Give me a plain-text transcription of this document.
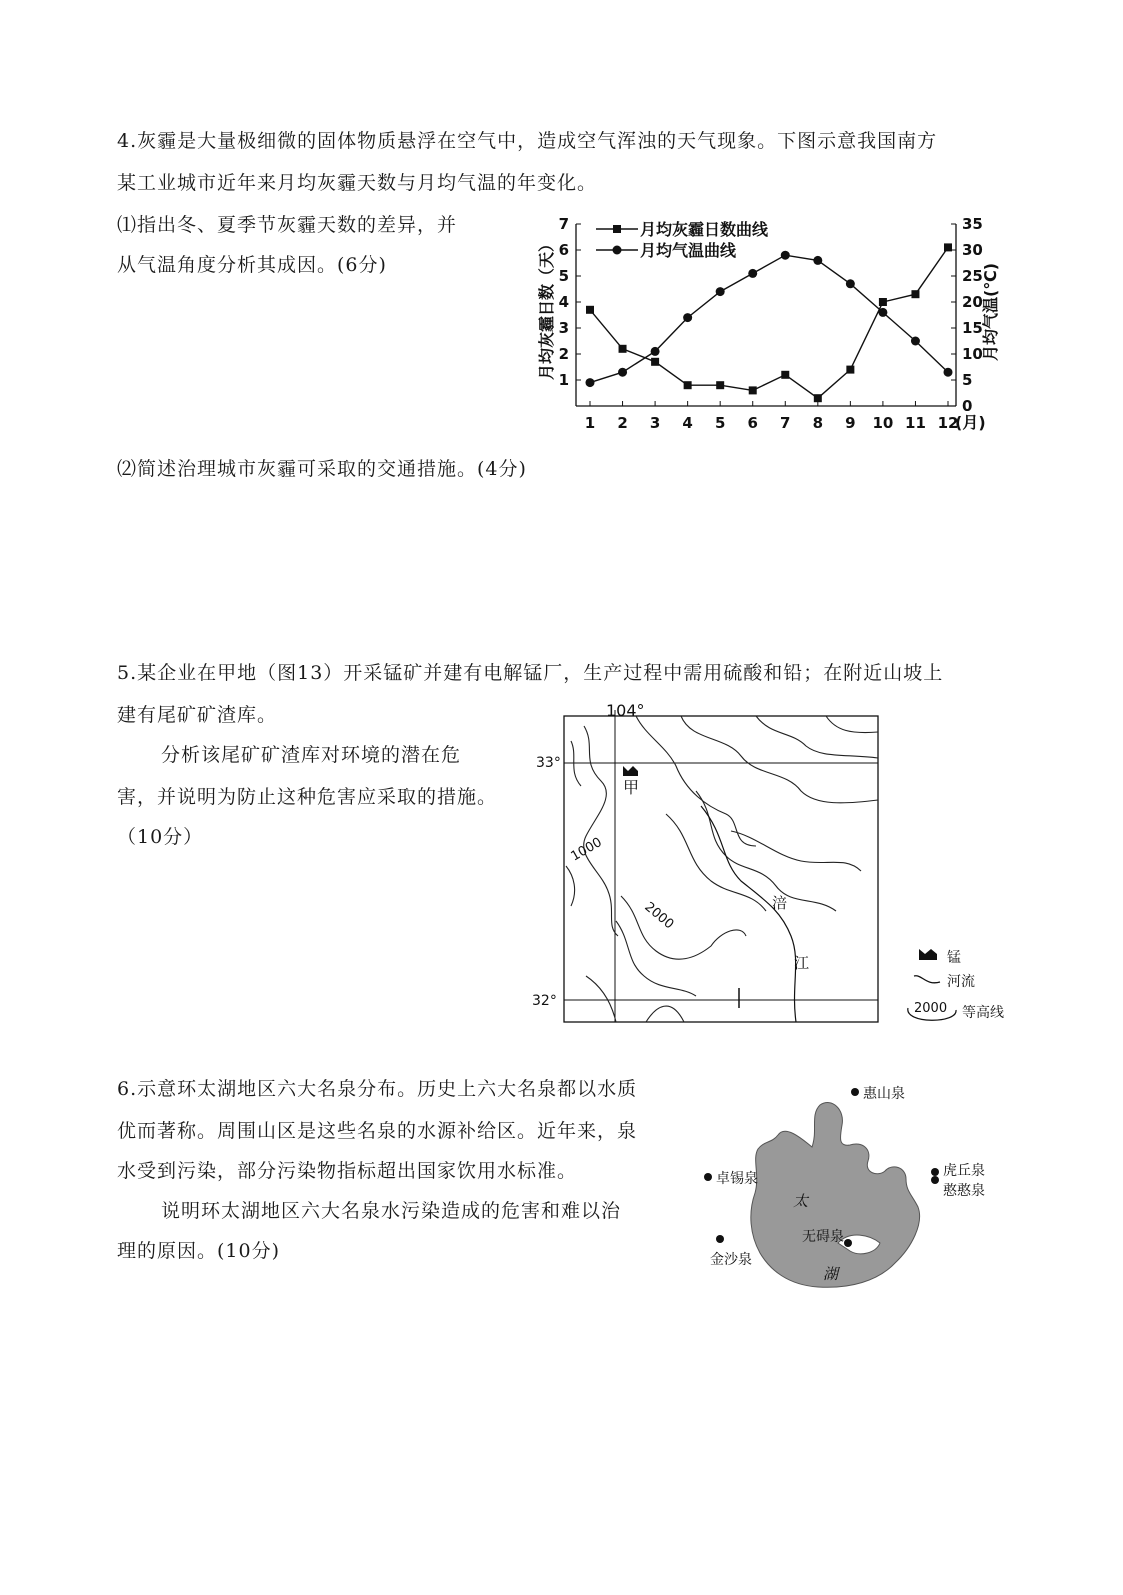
4.灰霾是大量极细微的固体物质悬浮在空气中，造成空气浑浊的天气现象。下图示意我国南方
某工业城市近年来月均灰霾天数与月均气温的年变化。
⑴指出冬、夏季节灰霾天数的差异，并
从气温角度分析其成因。(6分)
1
2
3
4
5
6
7
0
5
10
15
20
25
30
35
1 2 3 4 5 6 7 8 9 10 11 12
月均灰霾日数曲线
月均气温曲线
月均灰霾日数（天）	月均气温(℃)
(月)
⑵简述治理城市灰霾可采取的交通措施。(4分)
5.某企业在甲地（图13）开采锰矿并建有电解锰厂，生产过程中需用硫酸和铅；在附近山坡上
建有尾矿矿渣库。
分析该尾矿矿渣库对环境的潜在危
害，并说明为防止这种危害应采取的措施。
（10分）
104°
33°
32°
甲
1000
2000	涪
江	锰
河流
2000 等高线
6.示意环太湖地区六大名泉分布。历史上六大名泉都以水质
优而著称。周围山区是这些名泉的水源补给区。近年来，泉
水受到污染，部分污染物指标超出国家饮用水标准。
说明环太湖地区六大名泉水污染造成的危害和难以治
理的原因。(10分)
惠山泉
卓锡泉	虎丘泉
憨憨泉
无碍泉
金沙泉
太
湖
